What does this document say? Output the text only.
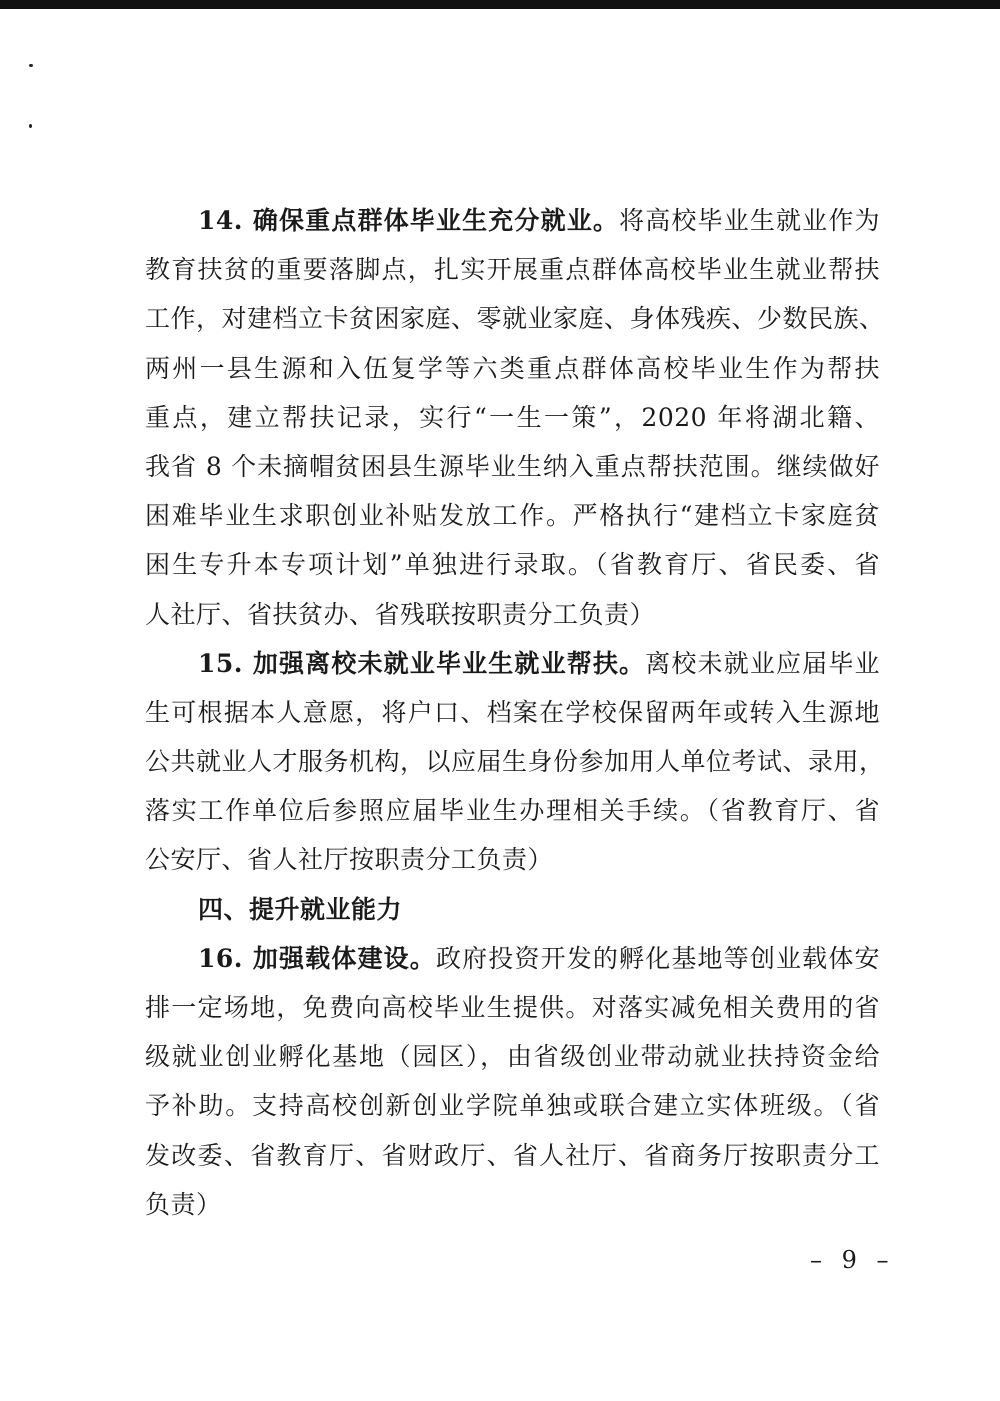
14. 确保重点群体毕业生充分就业。将高校毕业生就业作为
教育扶贫的重要落脚点，扎实开展重点群体高校毕业生就业帮扶
工作，对建档立卡贫困家庭、零就业家庭、身体残疾、少数民族、
两州一县生源和入伍复学等六类重点群体高校毕业生作为帮扶
重点，建立帮扶记录，实行“一生一策”，2020 年将湖北籍、
我省 8 个未摘帽贫困县生源毕业生纳入重点帮扶范围。继续做好
困难毕业生求职创业补贴发放工作。严格执行“建档立卡家庭贫
困生专升本专项计划”单独进行录取。（省教育厅、省民委、省
人社厅、省扶贫办、省残联按职责分工负责）
15. 加强离校未就业毕业生就业帮扶。离校未就业应届毕业
生可根据本人意愿，将户口、档案在学校保留两年或转入生源地
公共就业人才服务机构，以应届生身份参加用人单位考试、录用，
落实工作单位后参照应届毕业生办理相关手续。（省教育厅、省
公安厅、省人社厅按职责分工负责）
四、提升就业能力
16. 加强载体建设。政府投资开发的孵化基地等创业载体安
排一定场地，免费向高校毕业生提供。对落实减免相关费用的省
级就业创业孵化基地（园区），由省级创业带动就业扶持资金给
予补助。支持高校创新创业学院单独或联合建立实体班级。（省
发改委、省教育厅、省财政厅、省人社厅、省商务厅按职责分工
负责）
– 9 –
